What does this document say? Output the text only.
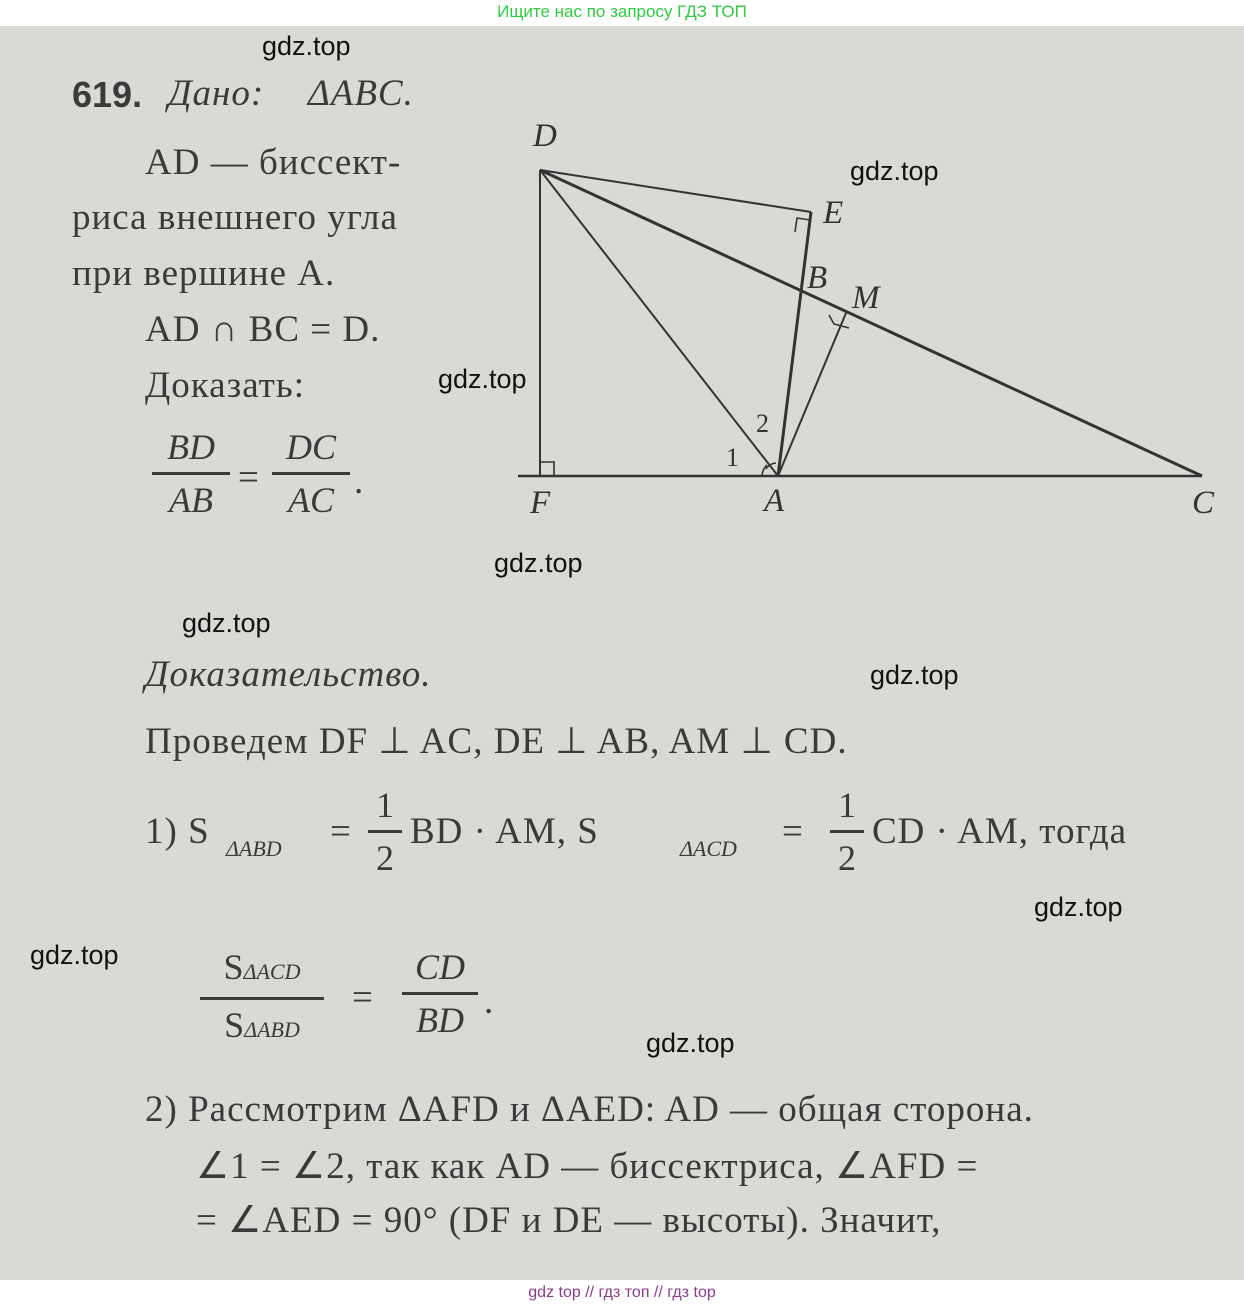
Ищите нас по запросу ГДЗ ТОП
619. Дано: ΔABC.
AD — биссект-
риса внешнего угла
при вершине A.
AD ∩ BC = D.
Доказать:
BD
AB
=
DC
AC .
D
E
B
M
F	A	C
1
2
Доказательство.
Проведем DF ⊥ AC, DE ⊥ AB, AM ⊥ CD.
1) S ΔABD =
1
2
BD · AM, S	ΔACD =
1
2
CD · AM, тогда
SΔACD
SΔABD
=
CD
BD .
2) Рассмотрим ΔAFD и ΔAED: AD — общая сторона.
∠1 = ∠2, так как AD — биссектриса, ∠AFD =
= ∠AED = 90° (DF и DE — высоты). Значит,
gdz.top
gdz.top
gdz.top
gdz.top
gdz.top
gdz.top
gdz.top
gdz.top
gdz.top
gdz top // гдз топ // гдз top
